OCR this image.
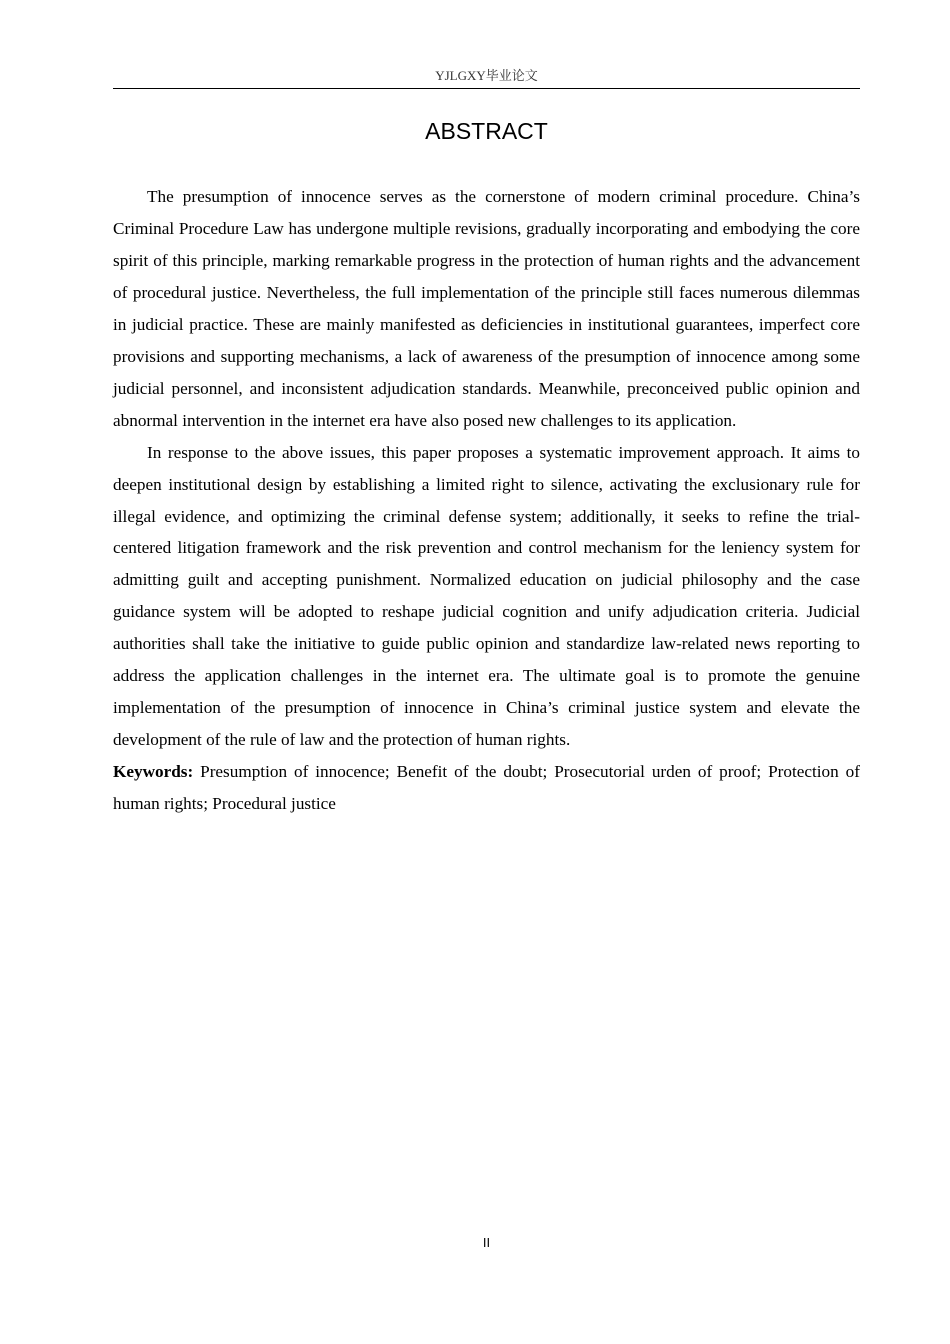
YJLGXY毕业论文
ABSTRACT

The presumption of innocence serves as the cornerstone of modern criminal procedure. China’s Criminal Procedure Law has undergone multiple revisions, gradually incorporating and embodying the core spirit of this principle, marking remarkable progress in the protection of human rights and the advancement of procedural justice. Nevertheless, the full implementation of the principle still faces numerous dilemmas in judicial practice. These are mainly manifested as deficiencies in institutional guarantees, imperfect core provisions and supporting mechanisms, a lack of awareness of the presumption of innocence among some judicial personnel, and inconsistent adjudication standards. Meanwhile, preconceived public opinion and abnormal intervention in the internet era have also posed new challenges to its application.

In response to the above issues, this paper proposes a systematic improvement approach. It aims to deepen institutional design by establishing a limited right to silence, activating the exclusionary rule for illegal evidence, and optimizing the criminal defense system; additionally, it seeks to refine the trial-centered litigation framework and the risk prevention and control mechanism for the leniency system for admitting guilt and accepting punishment. Normalized education on judicial philosophy and the case guidance system will be adopted to reshape judicial cognition and unify adjudication criteria. Judicial authorities shall take the initiative to guide public opinion and standardize law-related news reporting to address the application challenges in the internet era. The ultimate goal is to promote the genuine implementation of the presumption of innocence in China’s criminal justice system and elevate the development of the rule of law and the protection of human rights.

Keywords: Presumption of innocence; Benefit of the doubt; Prosecutorial urden of proof; Protection of human rights; Procedural justice
II
